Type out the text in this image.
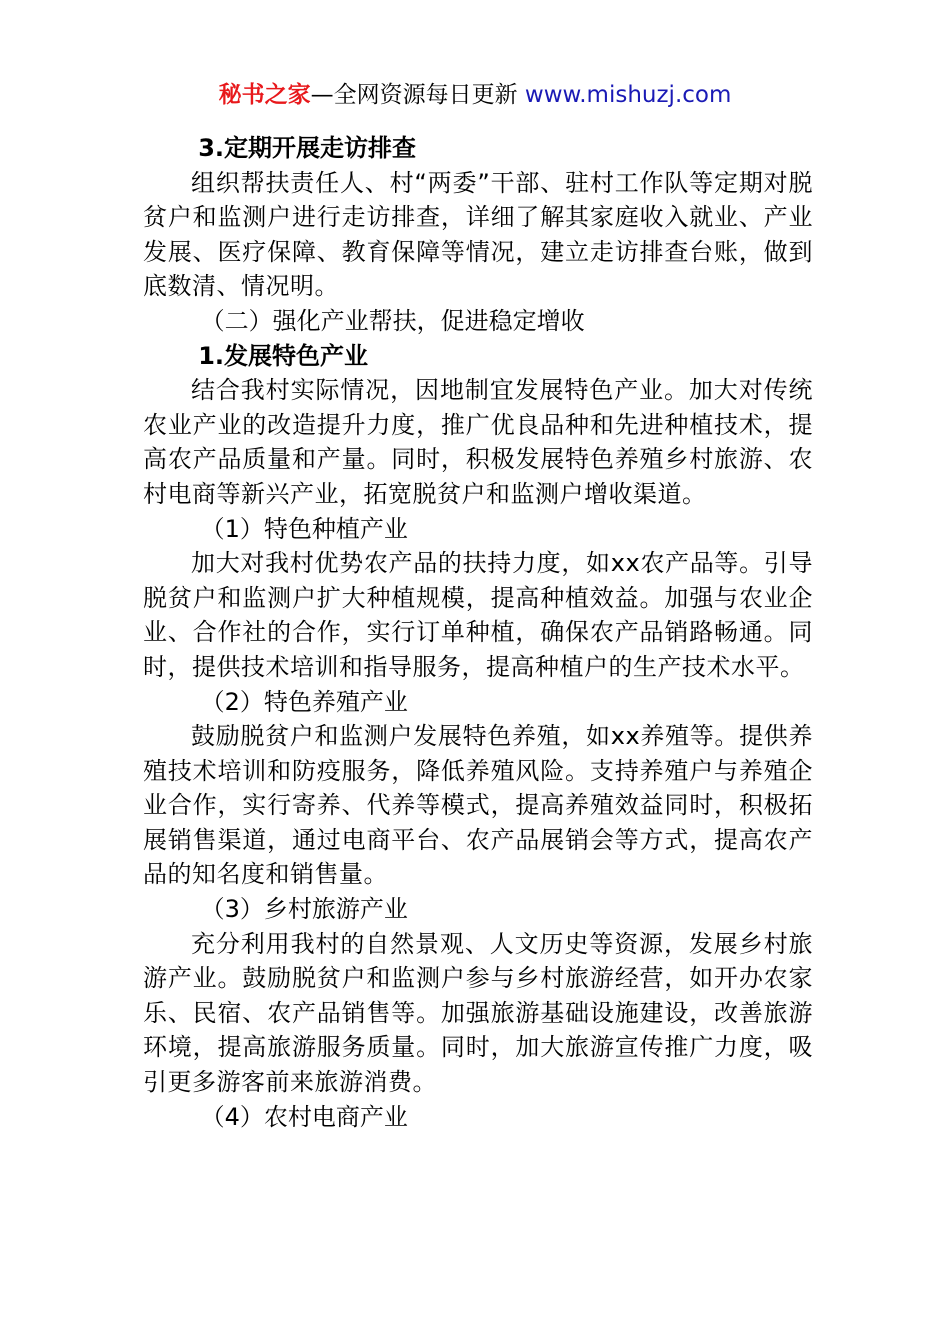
秘书之家—全网资源每日更新 www.mishuzj.com

3.定期开展走访排查

组织帮扶责任人、村“两委”干部、驻村工作队等定期对脱贫户和监测户进行走访排查，详细了解其家庭收入就业、产业发展、医疗保障、教育保障等情况，建立走访排查台账，做到底数清、情况明。

（二）强化产业帮扶，促进稳定增收

1.发展特色产业

结合我村实际情况，因地制宜发展特色产业。加大对传统农业产业的改造提升力度，推广优良品种和先进种植技术，提高农产品质量和产量。同时，积极发展特色养殖乡村旅游、农村电商等新兴产业，拓宽脱贫户和监测户增收渠道。

（1）特色种植产业

加大对我村优势农产品的扶持力度，如xx农产品等。引导脱贫户和监测户扩大种植规模，提高种植效益。加强与农业企业、合作社的合作，实行订单种植，确保农产品销路畅通。同时，提供技术培训和指导服务，提高种植户的生产技术水平。

（2）特色养殖产业

鼓励脱贫户和监测户发展特色养殖，如xx养殖等。提供养殖技术培训和防疫服务，降低养殖风险。支持养殖户与养殖企业合作，实行寄养、代养等模式，提高养殖效益同时，积极拓展销售渠道，通过电商平台、农产品展销会等方式，提高农产品的知名度和销售量。

（3）乡村旅游产业

充分利用我村的自然景观、人文历史等资源，发展乡村旅游产业。鼓励脱贫户和监测户参与乡村旅游经营，如开办农家乐、民宿、农产品销售等。加强旅游基础设施建设，改善旅游环境，提高旅游服务质量。同时，加大旅游宣传推广力度，吸引更多游客前来旅游消费。

（4）农村电商产业
